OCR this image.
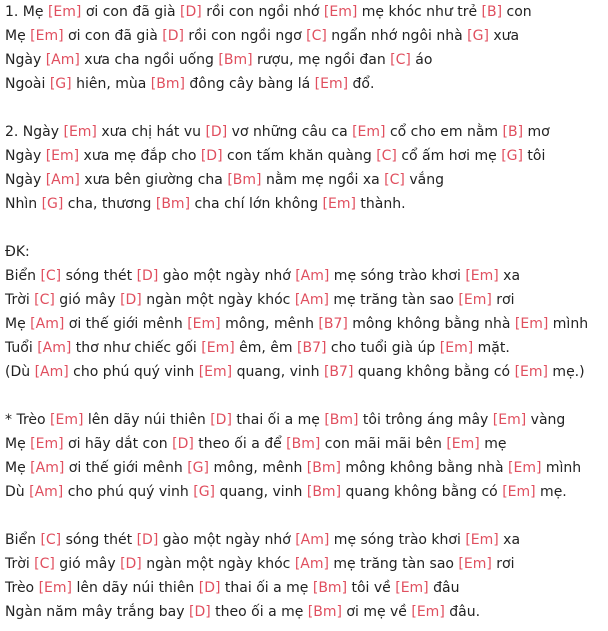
1. Mẹ [Em] ơi con đã già [D] rồi con ngồi nhớ [Em] mẹ khóc như trẻ [B] con
Mẹ [Em] ơi con đã già [D] rồi con ngồi ngơ [C] ngẩn nhớ ngôi nhà [G] xưa
Ngày [Am] xưa cha ngồi uống [Bm] rượu, mẹ ngồi đan [C] áo
Ngoài [G] hiên, mùa [Bm] đông cây bàng lá [Em] đổ.
2. Ngày [Em] xưa chị hát vu [D] vơ những câu ca [Em] cổ cho em nằm [B] mơ
Ngày [Em] xưa mẹ đắp cho [D] con tấm khăn quàng [C] cổ ấm hơi mẹ [G] tôi
Ngày [Am] xưa bên giường cha [Bm] nằm mẹ ngồi xa [C] vắng
Nhìn [G] cha, thương [Bm] cha chí lớn không [Em] thành.
ĐK:
Biển [C] sóng thét [D] gào một ngày nhớ [Am] mẹ sóng trào khơi [Em] xa
Trời [C] gió mây [D] ngàn một ngày khóc [Am] mẹ trăng tàn sao [Em] rơi
Mẹ [Am] ơi thế giới mênh [Em] mông, mênh [B7] mông không bằng nhà [Em] mình
Tuổi [Am] thơ như chiếc gối [Em] êm, êm [B7] cho tuổi già úp [Em] mặt.
(Dù [Am] cho phú quý vinh [Em] quang, vinh [B7] quang không bằng có [Em] mẹ.)
* Trèo [Em] lên dãy núi thiên [D] thai ối a mẹ [Bm] tôi trông áng mây [Em] vàng
Mẹ [Em] ơi hãy dắt con [D] theo ối a để [Bm] con mãi mãi bên [Em] mẹ
Mẹ [Am] ơi thế giới mênh [G] mông, mênh [Bm] mông không bằng nhà [Em] mình
Dù [Am] cho phú quý vinh [G] quang, vinh [Bm] quang không bằng có [Em] mẹ.
Biển [C] sóng thét [D] gào một ngày nhớ [Am] mẹ sóng trào khơi [Em] xa
Trời [C] gió mây [D] ngàn một ngày khóc [Am] mẹ trăng tàn sao [Em] rơi
Trèo [Em] lên dãy núi thiên [D] thai ối a mẹ [Bm] tôi về [Em] đâu
Ngàn năm mây trắng bay [D] theo ối a mẹ [Bm] ơi mẹ về [Em] đâu.
